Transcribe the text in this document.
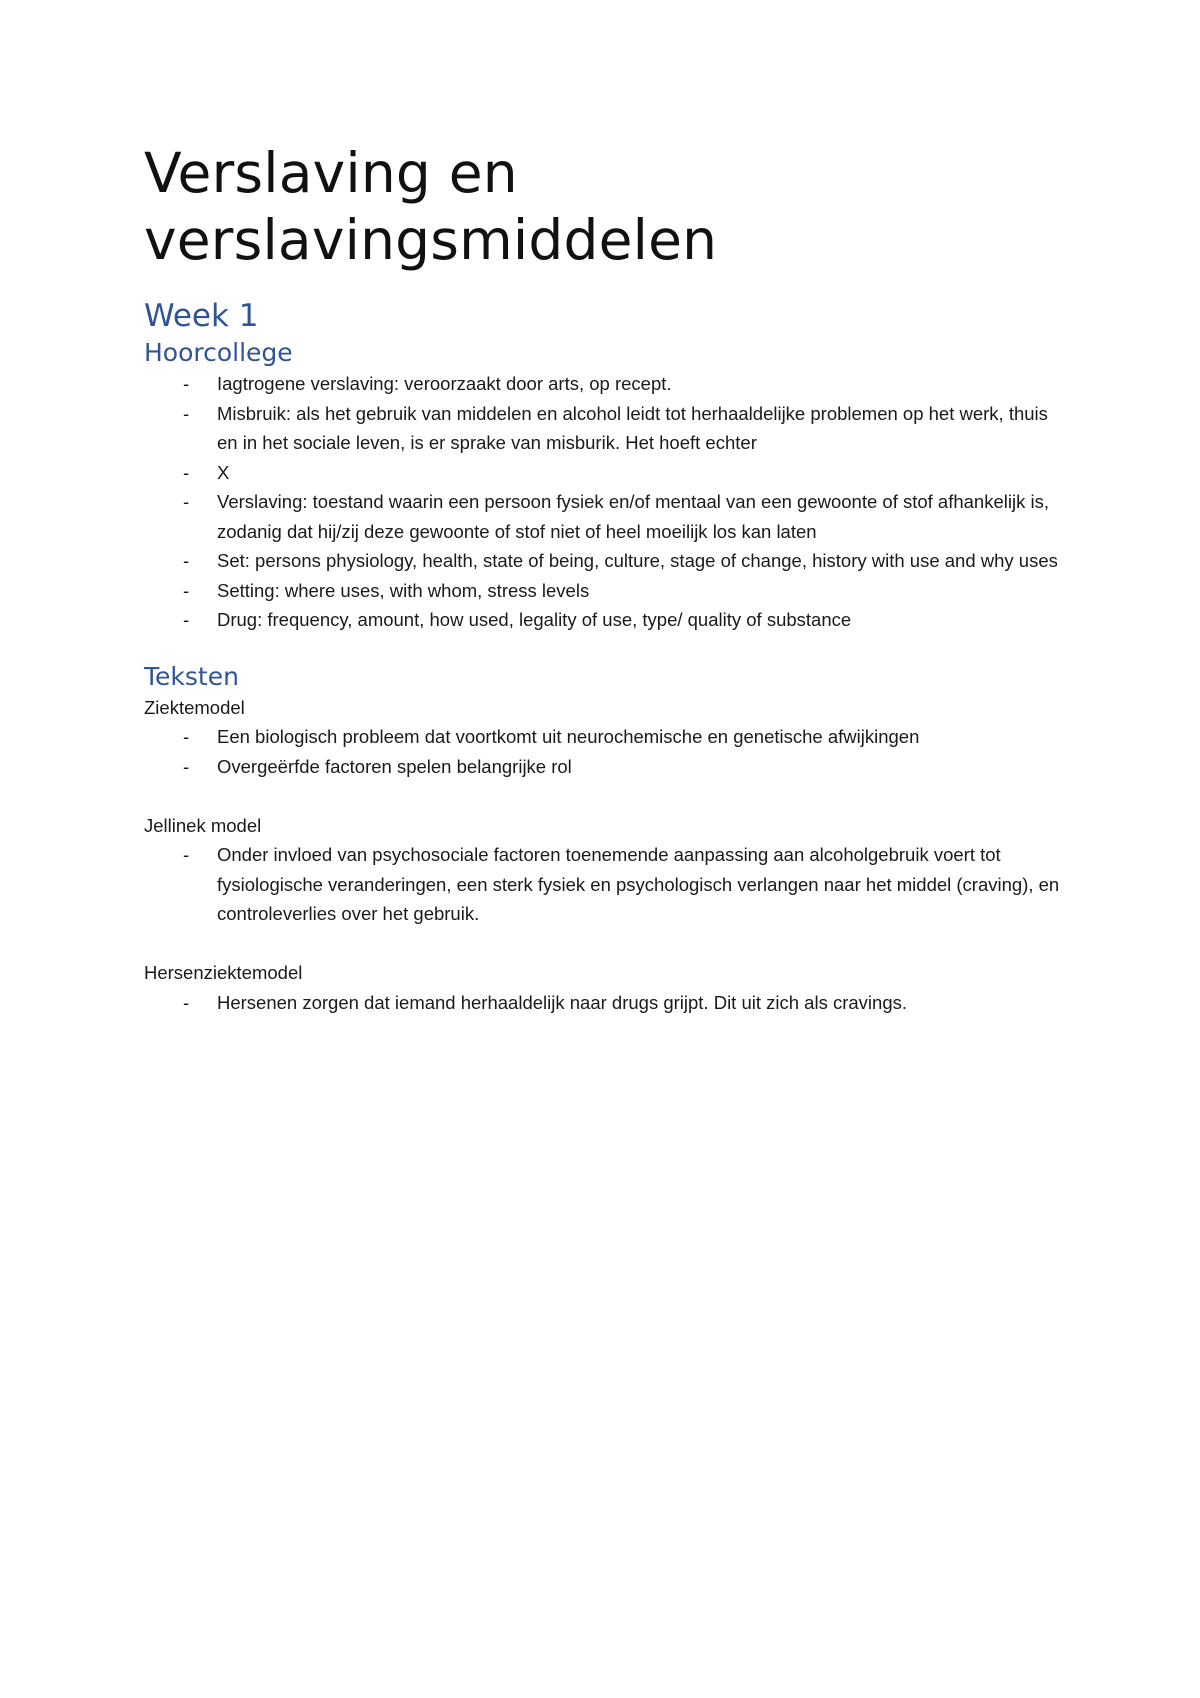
Verslaving en verslavingsmiddelen
Week 1
Hoorcollege
- Iagtrogene verslaving: veroorzaakt door arts, op recept.
- Misbruik: als het gebruik van middelen en alcohol leidt tot herhaaldelijke problemen op het werk, thuis en in het sociale leven, is er sprake van misburik. Het hoeft echter
- X
- Verslaving: toestand waarin een persoon fysiek en/of mentaal van een gewoonte of stof afhankelijk is, zodanig dat hij/zij deze gewoonte of stof niet of heel moeilijk los kan laten
- Set: persons physiology, health, state of being, culture, stage of change, history with use and why uses
- Setting: where uses, with whom, stress levels
- Drug: frequency, amount, how used, legality of use, type/ quality of substance
Teksten

Ziektemodel

- Een biologisch probleem dat voortkomt uit neurochemische en genetische afwijkingen
- Overgeërfde factoren spelen belangrijke rol

Jellinek model

- Onder invloed van psychosociale factoren toenemende aanpassing aan alcoholgebruik voert tot fysiologische veranderingen, een sterk fysiek en psychologisch verlangen naar het middel (craving), en controleverlies over het gebruik.

Hersenziektemodel

- Hersenen zorgen dat iemand herhaaldelijk naar drugs grijpt. Dit uit zich als cravings.
